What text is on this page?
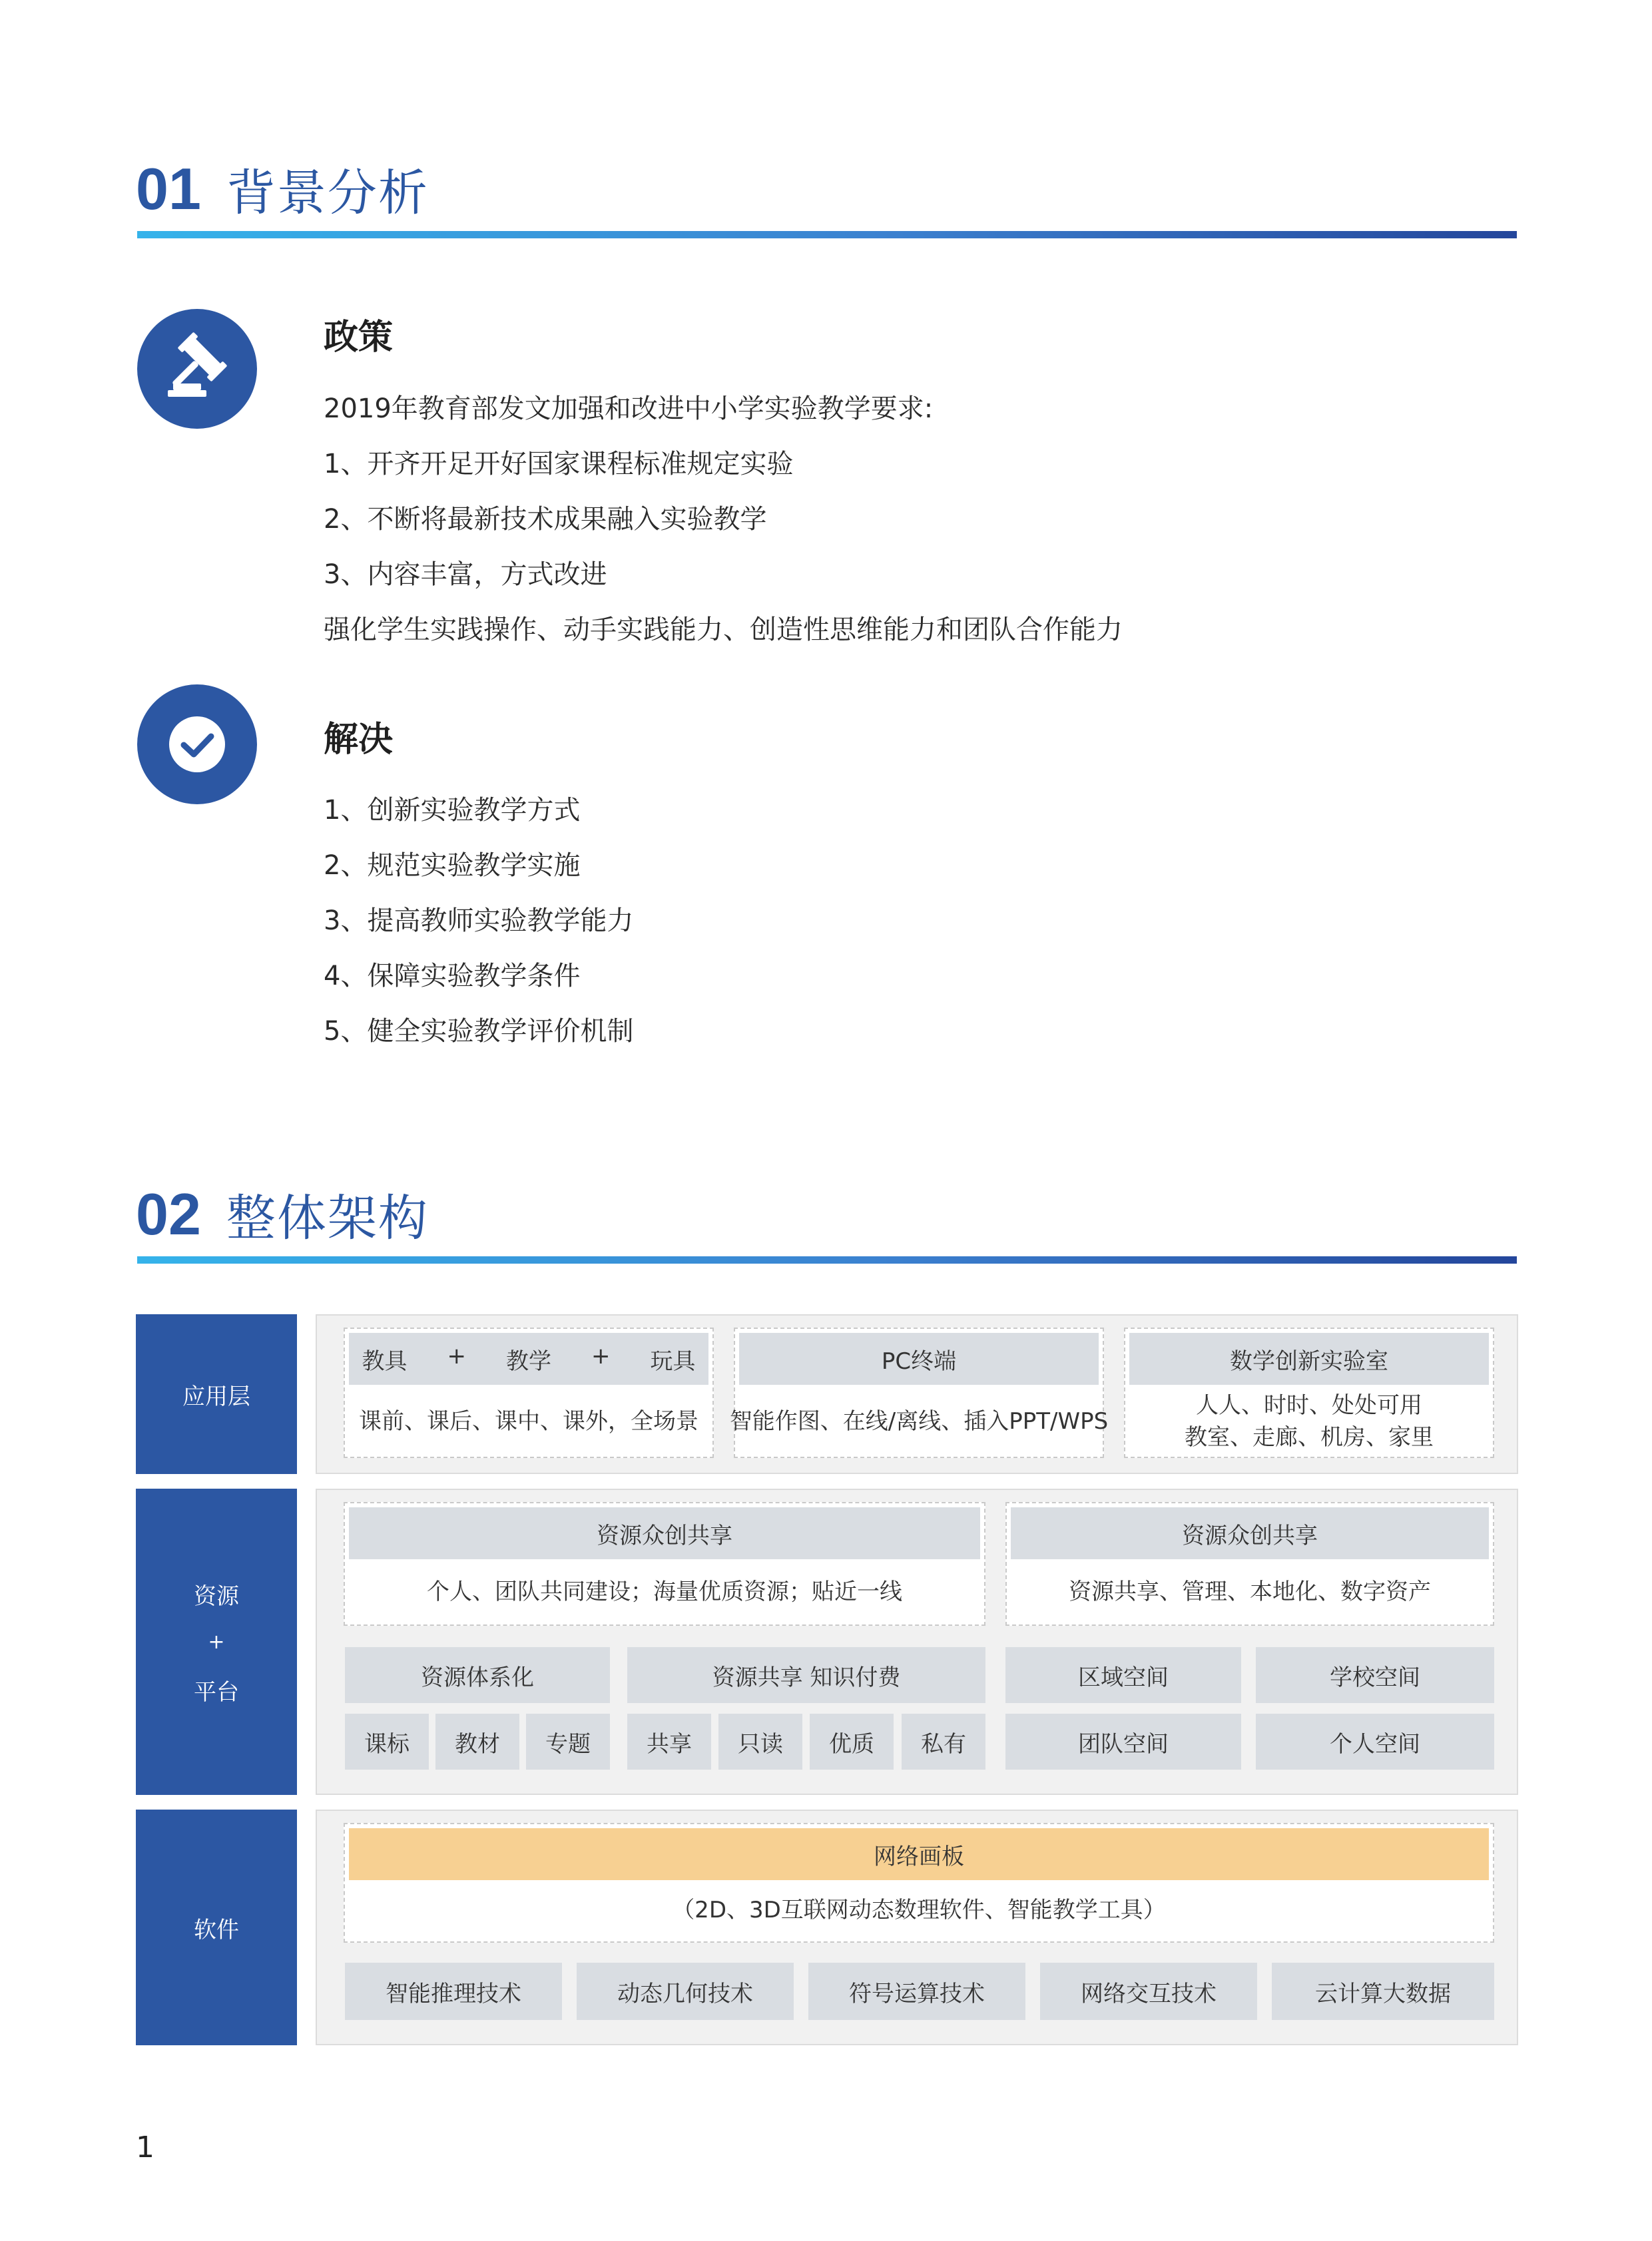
01 背景分析
政策
2019年教育部发文加强和改进中小学实验教学要求:
1、开齐开足开好国家课程标准规定实验
2、不断将最新技术成果融入实验教学
3、内容丰富，方式改进
强化学生实践操作、动手实践能力、创造性思维能力和团队合作能力
解决
1、创新实验教学方式
2、规范实验教学实施
3、提高教师实验教学能力
4、保障实验教学条件
5、健全实验教学评价机制
02 整体架构
应用层
教具 + 教学 + 玩具
课前、课后、课中、课外，全场景
PC终端
智能作图、在线/离线、插入PPT/WPS
数学创新实验室
人人、时时、处处可用
教室、走廊、机房、家里
资源
+
平台
资源众创共享
个人、团队共同建设；海量优质资源；贴近一线
资源众创共享
资源共享、管理、本地化、数字资产
资源体系化
课标	教材	专题
资源共享 知识付费
共享	只读	优质	私有
区域空间	学校空间
团队空间	个人空间
软件
网络画板
（2D、3D互联网动态数理软件、智能教学工具）
智能推理技术	动态几何技术	符号运算技术	网络交互技术	云计算大数据
1
